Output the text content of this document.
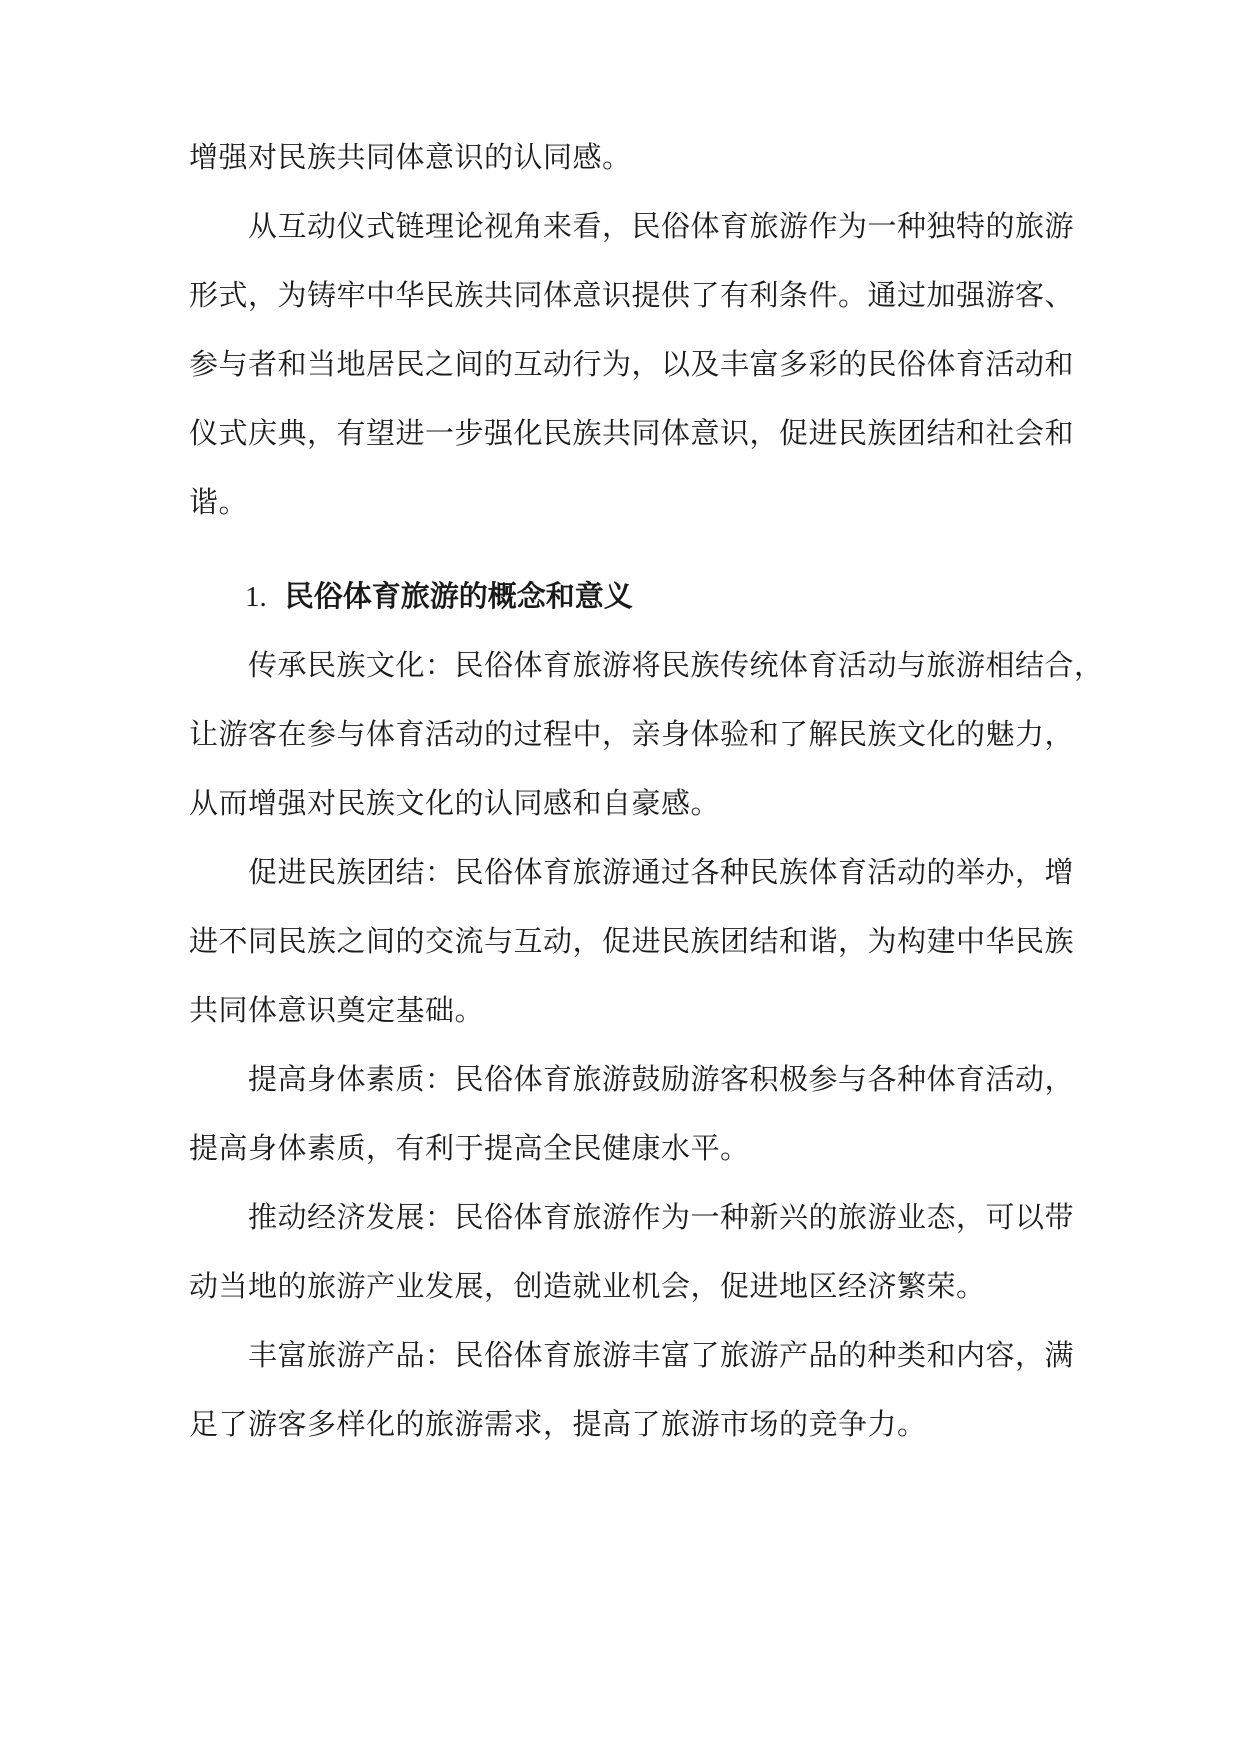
增强对民族共同体意识的认同感。
　　从互动仪式链理论视角来看，民俗体育旅游作为一种独特的旅游
形式，为铸牢中华民族共同体意识提供了有利条件。通过加强游客、
参与者和当地居民之间的互动行为，以及丰富多彩的民俗体育活动和
仪式庆典，有望进一步强化民族共同体意识，促进民族团结和社会和
谐。
1. 民俗体育旅游的概念和意义
　　传承民族文化：民俗体育旅游将民族传统体育活动与旅游相结合，
让游客在参与体育活动的过程中，亲身体验和了解民族文化的魅力，
从而增强对民族文化的认同感和自豪感。
　　促进民族团结：民俗体育旅游通过各种民族体育活动的举办，增
进不同民族之间的交流与互动，促进民族团结和谐，为构建中华民族
共同体意识奠定基础。
　　提高身体素质：民俗体育旅游鼓励游客积极参与各种体育活动，
提高身体素质，有利于提高全民健康水平。
　　推动经济发展：民俗体育旅游作为一种新兴的旅游业态，可以带
动当地的旅游产业发展，创造就业机会，促进地区经济繁荣。
　　丰富旅游产品：民俗体育旅游丰富了旅游产品的种类和内容，满
足了游客多样化的旅游需求，提高了旅游市场的竞争力。
